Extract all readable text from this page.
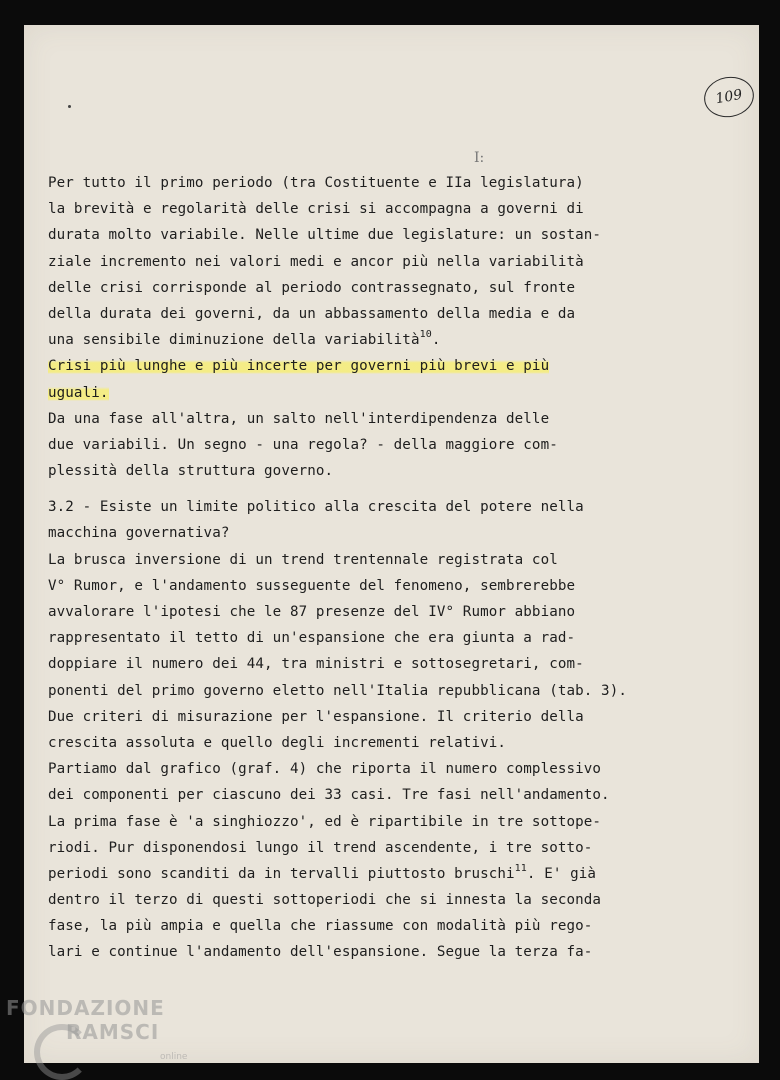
109
I:
Per tutto il primo periodo (tra Costituente e IIa legislatura)
la brevità e regolarità delle crisi si accompagna a governi di
durata molto variabile. Nelle ultime due legislature: un sostan-
ziale incremento nei valori medi e ancor più nella variabilità
delle crisi corrisponde al periodo contrassegnato, sul fronte
della durata dei governi, da un abbassamento della media e da
una sensibile diminuzione della variabilità$^{10}$.
Crisi più lunghe e più incerte per governi più brevi e più
uguali.
Da una fase all'altra, un salto nell'interdipendenza delle
due variabili. Un segno - una regola? - della maggiore com-
plessità della struttura governo.
3.2 - Esiste un limite politico alla crescita del potere nella
macchina governativa?
La brusca inversione di un trend trentennale registrata col
V° Rumor, e l'andamento susseguente del fenomeno, sembrerebbe
avvalorare l'ipotesi che le 87 presenze del IV° Rumor abbiano
rappresentato il tetto di un'espansione che era giunta a rad-
doppiare il numero dei 44, tra ministri e sottosegretari, com-
ponenti del primo governo eletto nell'Italia repubblicana (tab. 3).
Due criteri di misurazione per l'espansione. Il criterio della
crescita assoluta e quello degli incrementi relativi.
Partiamo dal grafico (graf. 4) che riporta il numero complessivo
dei componenti per ciascuno dei 33 casi. Tre fasi nell'andamento.
La prima fase è 'a singhiozzo', ed è ripartibile in tre sottope-
riodi. Pur disponendosi lungo il trend ascendente, i tre sotto-
periodi sono scanditi da in tervalli piuttosto bruschi$^{11}$. E' già
dentro il terzo di questi sottoperiodi che si innesta la seconda
fase, la più ampia e quella che riassume con modalità più rego-
lari e continue l'andamento dell'espansione. Segue la terza fa-
FONDAZIONE
RAMSCI
online
